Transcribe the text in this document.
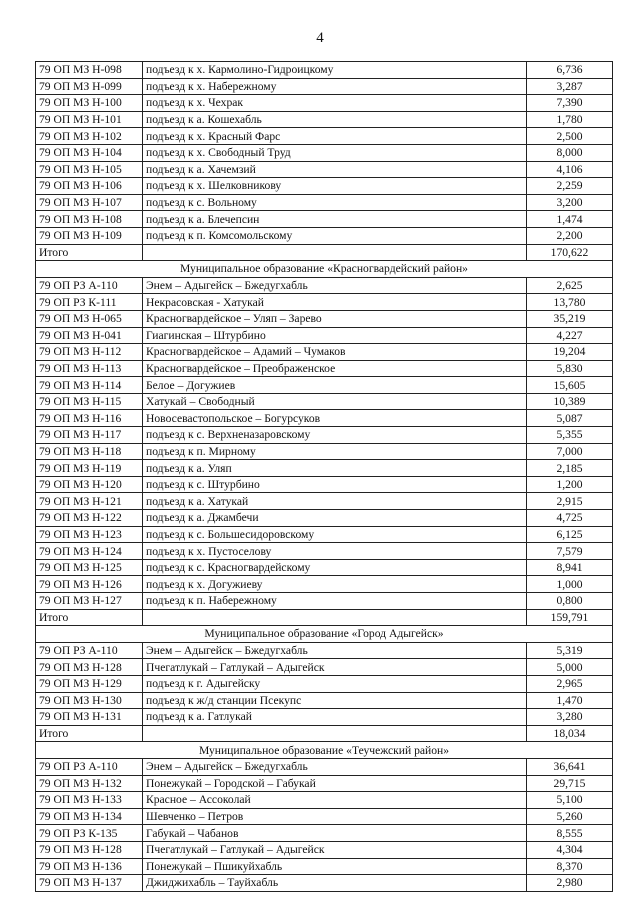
4
79 ОП МЗ Н-098	подъезд к х. Кармолино-Гидроицкому	6,736
79 ОП МЗ Н-099	подъезд к х. Набережному	3,287
79 ОП МЗ Н-100	подъезд к х. Чехрак	7,390
79 ОП МЗ Н-101	подъезд к а. Кошехабль	1,780
79 ОП МЗ Н-102	подъезд к х. Красный Фарс	2,500
79 ОП МЗ Н-104	подъезд к х. Свободный Труд	8,000
79 ОП МЗ Н-105	подъезд к а. Хачемзий	4,106
79 ОП МЗ Н-106	подъезд к х. Шелковникову	2,259
79 ОП МЗ Н-107	подъезд к с. Вольному	3,200
79 ОП МЗ Н-108	подъезд к а. Блечепсин	1,474
79 ОП МЗ Н-109	подъезд к п. Комсомольскому	2,200
Итого		170,622
Муниципальное образование «Красногвардейский район»		
79 ОП РЗ А-110	Энем – Адыгейск – Бжедугхабль	2,625
79 ОП РЗ К-111	Некрасовская - Хатукай	13,780
79 ОП МЗ Н-065	Красногвардейское – Уляп – Зарево	35,219
79 ОП МЗ Н-041	Гиагинская – Штурбино	4,227
79 ОП МЗ Н-112	Красногвардейское – Адамий – Чумаков	19,204
79 ОП МЗ Н-113	Красногвардейское – Преображенское	5,830
79 ОП МЗ Н-114	Белое – Догужиев	15,605
79 ОП МЗ Н-115	Хатукай – Свободный	10,389
79 ОП МЗ Н-116	Новосевастопольское – Богурсуков	5,087
79 ОП МЗ Н-117	подъезд к с. Верхненазаровскому	5,355
79 ОП МЗ Н-118	подъезд к п. Мирному	7,000
79 ОП МЗ Н-119	подъезд к а. Уляп	2,185
79 ОП МЗ Н-120	подъезд к с. Штурбино	1,200
79 ОП МЗ Н-121	подъезд к а. Хатукай	2,915
79 ОП МЗ Н-122	подъезд к а. Джамбечи	4,725
79 ОП МЗ Н-123	подъезд к с. Большесидоровскому	6,125
79 ОП МЗ Н-124	подъезд к х. Пустоселову	7,579
79 ОП МЗ Н-125	подъезд к с. Красногвардейскому	8,941
79 ОП МЗ Н-126	подъезд к х. Догужиеву	1,000
79 ОП МЗ Н-127	подъезд к п. Набережному	0,800
Итого		159,791
Муниципальное образование «Город Адыгейск»		
79 ОП РЗ А-110	Энем – Адыгейск – Бжедугхабль	5,319
79 ОП МЗ Н-128	Пчегатлукай – Гатлукай – Адыгейск	5,000
79 ОП МЗ Н-129	подъезд к г. Адыгейску	2,965
79 ОП МЗ Н-130	подъезд к ж/д станции Псекупс	1,470
79 ОП МЗ Н-131	подъезд к а. Гатлукай	3,280
Итого		18,034
Муниципальное образование «Теучежский район»		
79 ОП РЗ А-110	Энем – Адыгейск – Бжедугхабль	36,641
79 ОП МЗ Н-132	Понежукай – Городской – Габукай	29,715
79 ОП МЗ Н-133	Красное – Ассоколай	5,100
79 ОП МЗ Н-134	Шевченко – Петров	5,260
79 ОП РЗ К-135	Габукай – Чабанов	8,555
79 ОП МЗ Н-128	Пчегатлукай – Гатлукай – Адыгейск	4,304
79 ОП МЗ Н-136	Понежукай – Пшикуйхабль	8,370
79 ОП МЗ Н-137	Джиджихабль – Тауйхабль	2,980
